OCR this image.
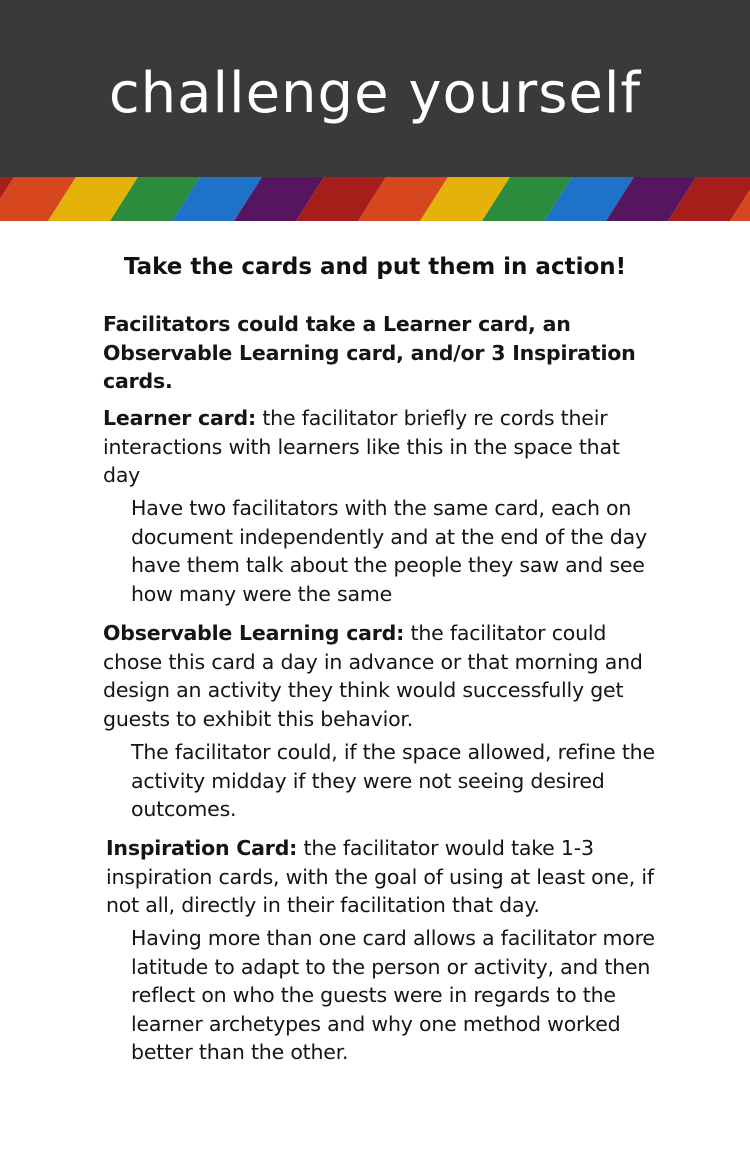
challenge yourself
Take the cards and put them in action!
Facilitators could take a Learner card, an Observable Learning card, and/or 3 Inspiration cards.
Learner card: the facilitator briefly re cords their interactions with learners like this in the space that day
Have two facilitators with the same card, each on document independently and at the end of the day have them talk about the people they saw and see how many were the same
Observable Learning card: the facilitator could chose this card a day in advance or that morning and design an activity they think would successfully get guests to exhibit this behavior.
The facilitator could, if the space allowed, refine the activity midday if they were not seeing desired outcomes.
Inspiration Card: the facilitator would take 1-3 inspiration cards, with the goal of using at least one, if not all, directly in their facilitation that day.
Having more than one card allows a facilitator more latitude to adapt to the person or activity, and then reflect on who the guests were in regards to the learner archetypes and why one method worked better than the other.
